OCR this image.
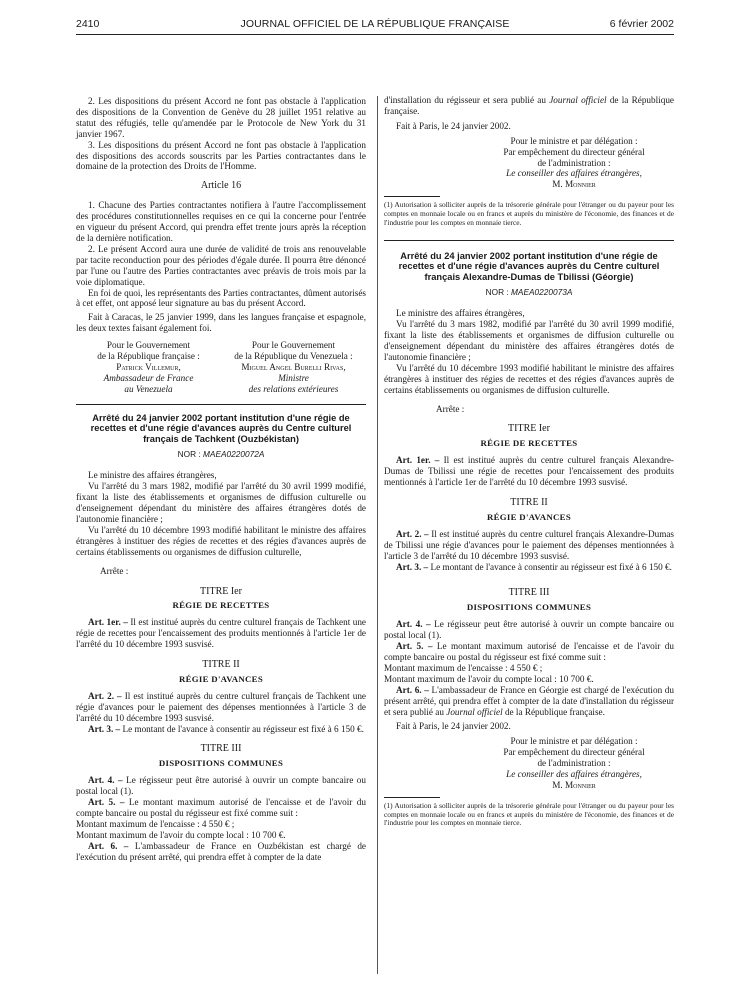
2410	JOURNAL OFFICIEL DE LA RÉPUBLIQUE FRANÇAISE	6 février 2002

2. Les dispositions du présent Accord ne font pas obstacle à l'application des dispositions de la Convention de Genève du 28 juillet 1951 relative au statut des réfugiés, telle qu'amendée par le Protocole de New York du 31 janvier 1967.

3. Les dispositions du présent Accord ne font pas obstacle à l'application des dispositions des accords souscrits par les Parties contractantes dans le domaine de la protection des Droits de l'Homme.

Article 16

1. Chacune des Parties contractantes notifiera à l'autre l'accomplissement des procédures constitutionnelles requises en ce qui la concerne pour l'entrée en vigueur du présent Accord, qui prendra effet trente jours après la réception de la dernière notification.

2. Le présent Accord aura une durée de validité de trois ans renouvelable par tacite reconduction pour des périodes d'égale durée. Il pourra être dénoncé par l'une ou l'autre des Parties contractantes avec préavis de trois mois par la voie diplomatique.

En foi de quoi, les représentants des Parties contractantes, dûment autorisés à cet effet, ont apposé leur signature au bas du présent Accord.

Fait à Caracas, le 25 janvier 1999, dans les langues française et espagnole, les deux textes faisant également foi.

Pour le Gouvernement
de la République française :
Patrick Villemur,
Ambassadeur de France
au Venezuela
Pour le Gouvernement
de la République du Venezuela :
Miguel Angel Burelli Rivas,
Ministre
des relations extérieures

Arrêté du 24 janvier 2002 portant institution d'une régie de recettes et d'une régie d'avances auprès du Centre culturel français de Tachkent (Ouzbékistan)

NOR : MAEA0220072A

Le ministre des affaires étrangères,

Vu l'arrêté du 3 mars 1982, modifié par l'arrêté du 30 avril 1999 modifié, fixant la liste des établissements et organismes de diffusion culturelle ou d'enseignement dépendant du ministère des affaires étrangères dotés de l'autonomie financière ;

Vu l'arrêté du 10 décembre 1993 modifié habilitant le ministre des affaires étrangères à instituer des régies de recettes et des régies d'avances auprès de certains établissements ou organismes de diffusion culturelle,

Arrête :

TITRE Ier
RÉGIE DE RECETTES

Art. 1er. – Il est institué auprès du centre culturel français de Tachkent une régie de recettes pour l'encaissement des produits mentionnés à l'article 1er de l'arrêté du 10 décembre 1993 susvisé.

TITRE II
RÉGIE D'AVANCES

Art. 2. – Il est institué auprès du centre culturel français de Tachkent une régie d'avances pour le paiement des dépenses mentionnées à l'article 3 de l'arrêté du 10 décembre 1993 susvisé.

Art. 3. – Le montant de l'avance à consentir au régisseur est fixé à 6 150 €.

TITRE III
DISPOSITIONS COMMUNES

Art. 4. – Le régisseur peut être autorisé à ouvrir un compte bancaire ou postal local (1).

Art. 5. – Le montant maximum autorisé de l'encaisse et de l'avoir du compte bancaire ou postal du régisseur est fixé comme suit :

Montant maximum de l'encaisse : 4 550 € ;

Montant maximum de l'avoir du compte local : 10 700 €.

Art. 6. – L'ambassadeur de France en Ouzbékistan est chargé de l'exécution du présent arrêté, qui prendra effet à compter de la date

d'installation du régisseur et sera publié au Journal officiel de la République française.

Fait à Paris, le 24 janvier 2002.

Pour le ministre et par délégation :
Par empêchement du directeur général
de l'administration :
Le conseiller des affaires étrangères,
M. Monnier

(1) Autorisation à solliciter auprès de la trésorerie générale pour l'étranger ou du payeur pour les comptes en monnaie locale ou en francs et auprès du ministère de l'économie, des finances et de l'industrie pour les comptes en monnaie tierce.

Arrêté du 24 janvier 2002 portant institution d'une régie de recettes et d'une régie d'avances auprès du Centre culturel français Alexandre-Dumas de Tbilissi (Géorgie)

NOR : MAEA0220073A

Le ministre des affaires étrangères,

Vu l'arrêté du 3 mars 1982, modifié par l'arrêté du 30 avril 1999 modifié, fixant la liste des établissements et organismes de diffusion culturelle ou d'enseignement dépendant du ministère des affaires étrangères dotés de l'autonomie financière ;

Vu l'arrêté du 10 décembre 1993 modifié habilitant le ministre des affaires étrangères à instituer des régies de recettes et des régies d'avances auprès de certains établissements ou organismes de diffusion culturelle.

Arrête :

TITRE Ier
RÉGIE DE RECETTES

Art. 1er. – Il est institué auprès du centre culturel français Alexandre-Dumas de Tbilissi une régie de recettes pour l'encaissement des produits mentionnés à l'article 1er de l'arrêté du 10 décembre 1993 susvisé.

TITRE II
RÉGIE D'AVANCES

Art. 2. – Il est institué auprès du centre culturel français Alexandre-Dumas de Tbilissi une régie d'avances pour le paiement des dépenses mentionnées à l'article 3 de l'arrêté du 10 décembre 1993 susvisé.

Art. 3. – Le montant de l'avance à consentir au régisseur est fixé à 6 150 €.

TITRE III
DISPOSITIONS COMMUNES

Art. 4. – Le régisseur peut être autorisé à ouvrir un compte bancaire ou postal local (1).

Art. 5. – Le montant maximum autorisé de l'encaisse et de l'avoir du compte bancaire ou postal du régisseur est fixé comme suit :

Montant maximum de l'encaisse : 4 550 € ;

Montant maximum de l'avoir du compte local : 10 700 €.

Art. 6. – L'ambassadeur de France en Géorgie est chargé de l'exécution du présent arrêté, qui prendra effet à compter de la date d'installation du régisseur et sera publié au Journal officiel de la République française.

Fait à Paris, le 24 janvier 2002.

Pour le ministre et par délégation :
Par empêchement du directeur général
de l'administration :
Le conseiller des affaires étrangères,
M. Monnier

(1) Autorisation à solliciter auprès de la trésorerie générale pour l'étranger ou du payeur pour les comptes en monnaie locale ou en francs et auprès du ministère de l'économie, des finances et de l'industrie pour les comptes en monnaie tierce.
